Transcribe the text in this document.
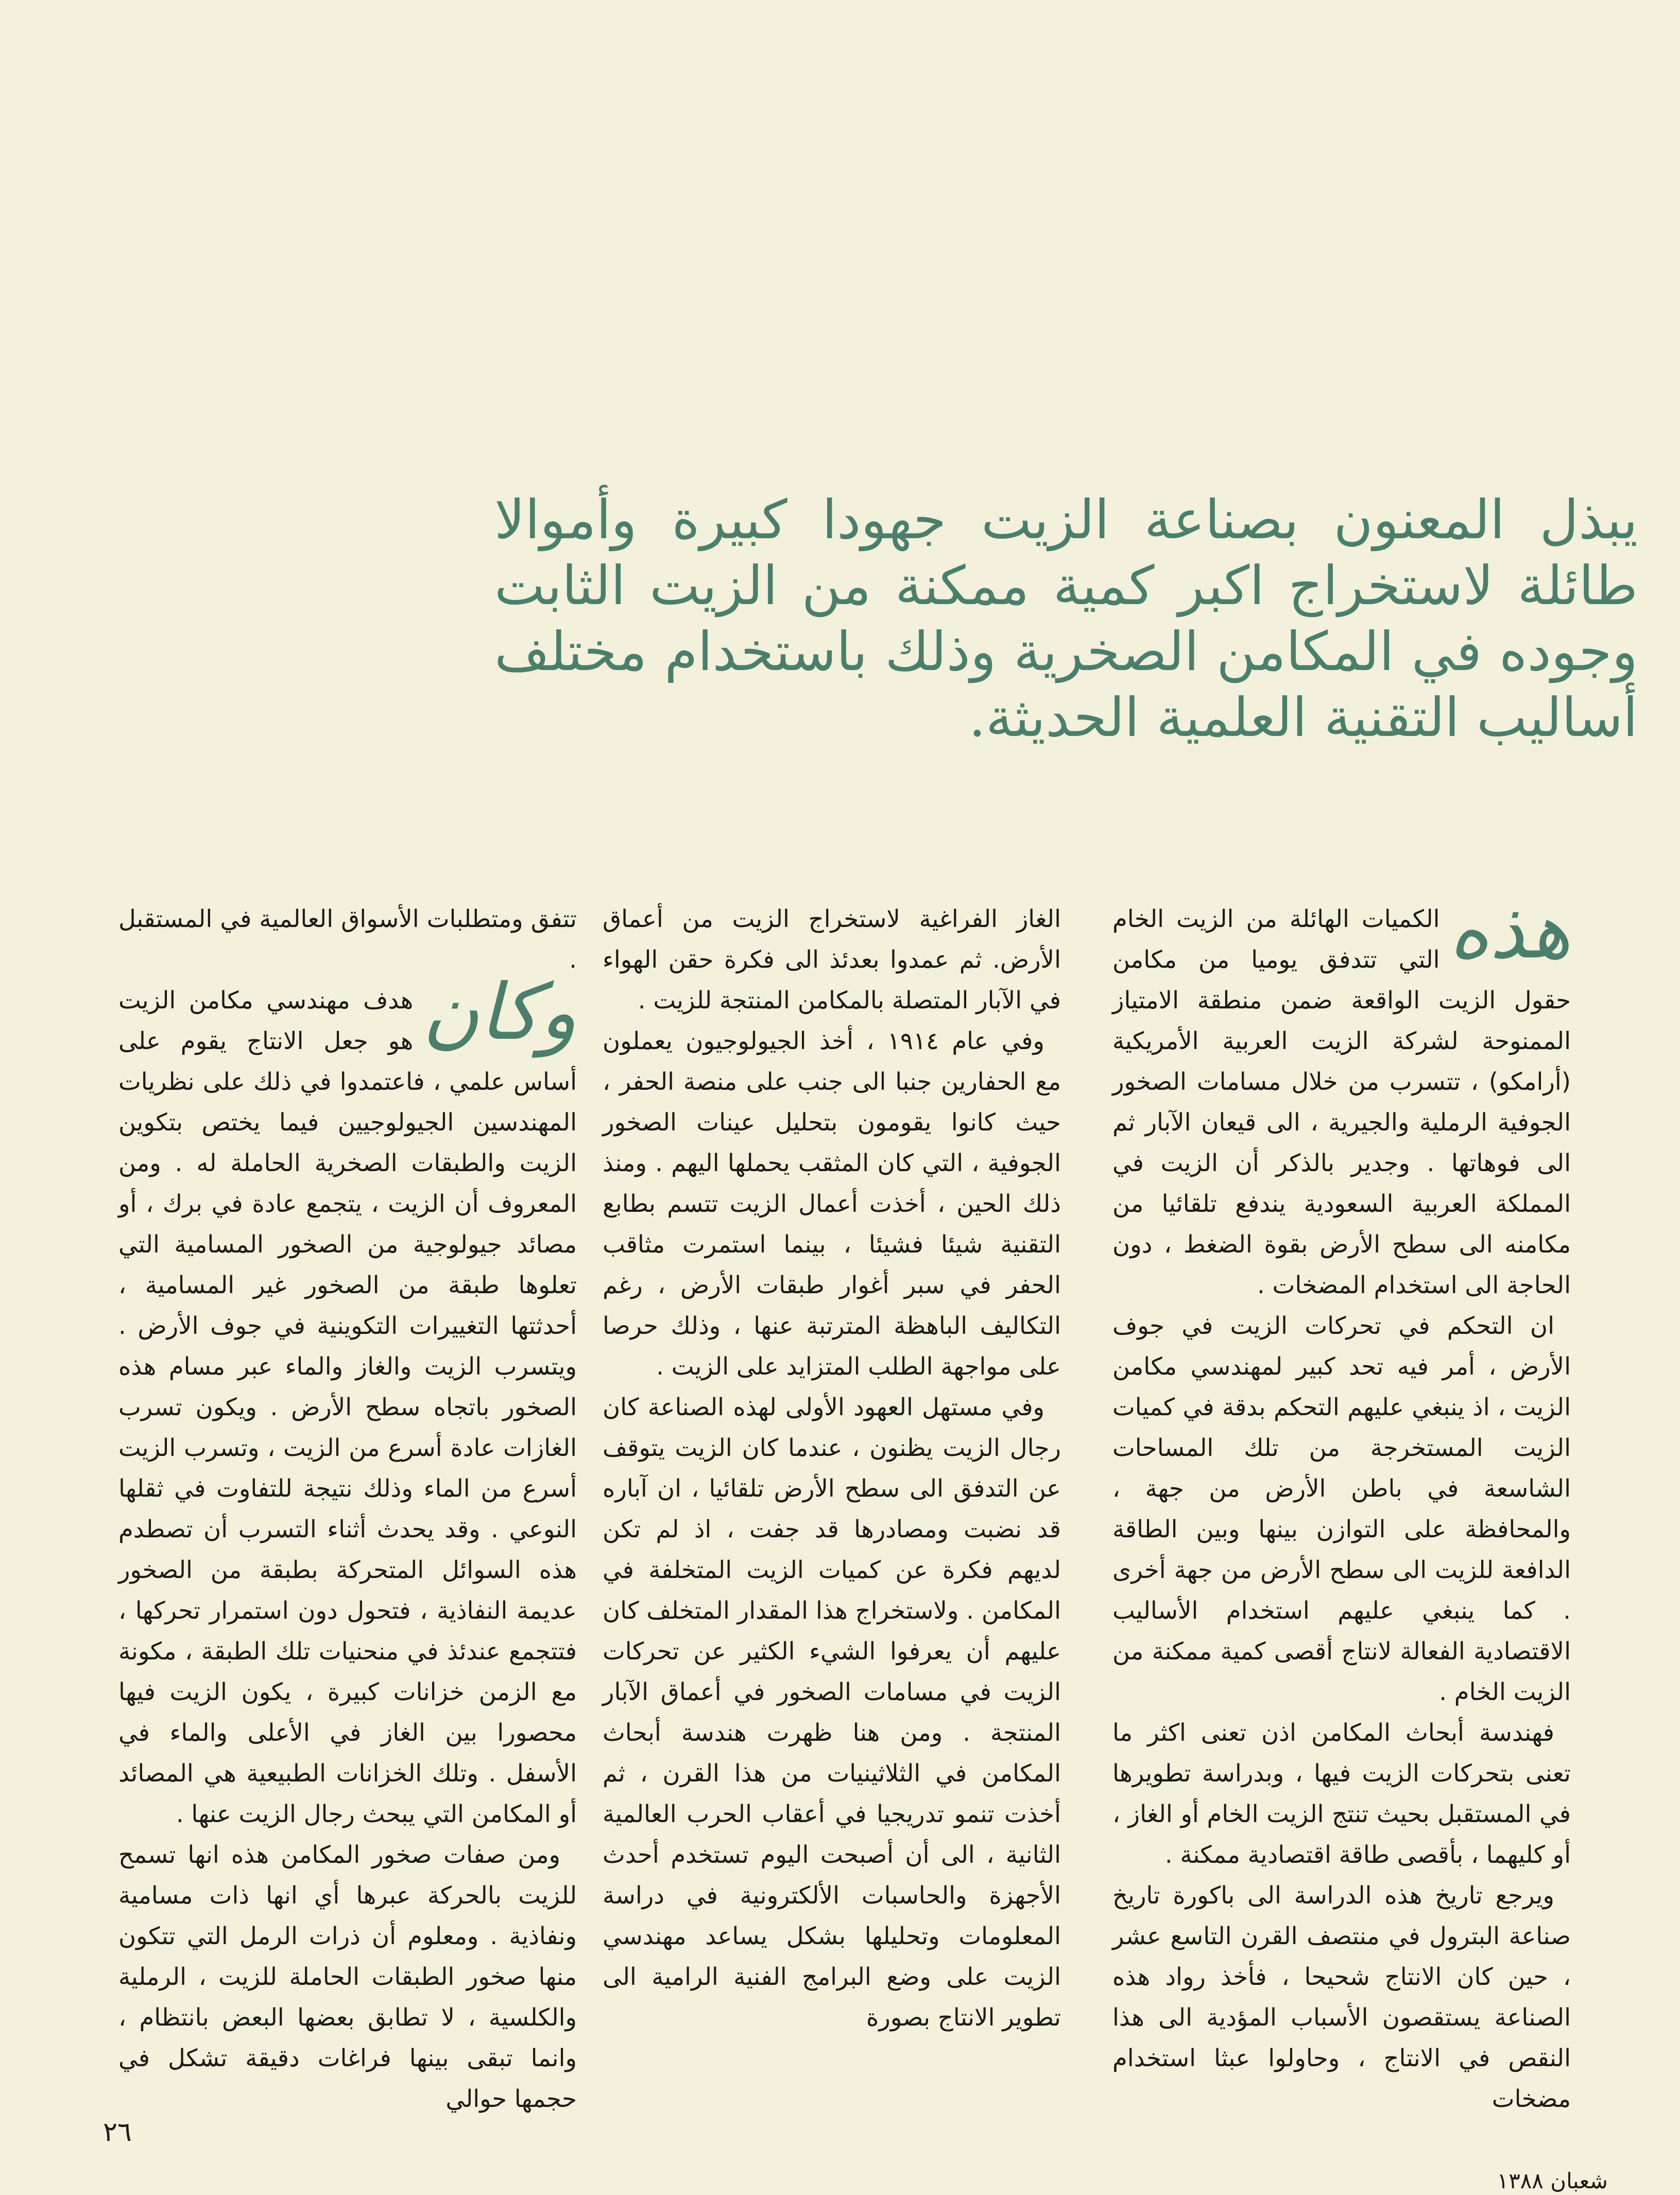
يبذل المعنون بصناعة الزيت جهودا كبيرة وأموالا طائلة لاستخراج اكبر كمية ممكنة من الزيت الثابت وجوده في المكامن الصخرية وذلك باستخدام مختلف أساليب التقنية العلمية الحديثة.
هذه

الكميات الهائلة من الزيت الخام التي تتدفق يوميا من مكامن حقول الزيت الواقعة ضمن منطقة الامتياز الممنوحة لشركة الزيت العربية الأمريكية (أرامكو) ، تتسرب من خلال مسامات الصخور الجوفية الرملية والجيرية ، الى قيعان الآبار ثم الى فوهاتها . وجدير بالذكر أن الزيت في المملكة العربية السعودية يندفع تلقائيا من مكامنه الى سطح الأرض بقوة الضغط ، دون الحاجة الى استخدام المضخات .

ان التحكم في تحركات الزيت في جوف الأرض ، أمر فيه تحد كبير لمهندسي مكامن الزيت ، اذ ينبغي عليهم التحكم بدقة في كميات الزيت المستخرجة من تلك المساحات الشاسعة في باطن الأرض من جهة ، والمحافظة على التوازن بينها وبين الطاقة الدافعة للزيت الى سطح الأرض من جهة أخرى . كما ينبغي عليهم استخدام الأساليب الاقتصادية الفعالة لانتاج أقصى كمية ممكنة من الزيت الخام .

فهندسة أبحاث المكامن اذن تعنى اكثر ما تعنى بتحركات الزيت فيها ، وبدراسة تطويرها في المستقبل بحيث تنتج الزيت الخام أو الغاز ، أو كليهما ، بأقصى طاقة اقتصادية ممكنة .

ويرجع تاريخ هذه الدراسة الى باكورة تاريخ صناعة البترول في منتصف القرن التاسع عشر ، حين كان الانتاج شحيحا ، فأخذ رواد هذه الصناعة يستقصون الأسباب المؤدية الى هذا النقص في الانتاج ، وحاولوا عبثا استخدام مضخات

الغاز الفراغية لاستخراج الزيت من أعماق الأرض. ثم عمدوا بعدئذ الى فكرة حقن الهواء في الآبار المتصلة بالمكامن المنتجة للزيت .

وفي عام ١٩١٤ ، أخذ الجيولوجيون يعملون مع الحفارين جنبا الى جنب على منصة الحفر ، حيث كانوا يقومون بتحليل عينات الصخور الجوفية ، التي كان المثقب يحملها اليهم . ومنذ ذلك الحين ، أخذت أعمال الزيت تتسم بطابع التقنية شيئا فشيئا ، بينما استمرت مثاقب الحفر في سبر أغوار طبقات الأرض ، رغم التكاليف الباهظة المترتبة عنها ، وذلك حرصا على مواجهة الطلب المتزايد على الزيت .

وفي مستهل العهود الأولى لهذه الصناعة كان رجال الزيت يظنون ، عندما كان الزيت يتوقف عن التدفق الى سطح الأرض تلقائيا ، ان آباره قد نضبت ومصادرها قد جفت ، اذ لم تكن لديهم فكرة عن كميات الزيت المتخلفة في المكامن . ولاستخراج هذا المقدار المتخلف كان عليهم أن يعرفوا الشيء الكثير عن تحركات الزيت في مسامات الصخور في أعماق الآبار المنتجة . ومن هنا ظهرت هندسة أبحاث المكامن في الثلاثينيات من هذا القرن ، ثم أخذت تنمو تدريجيا في أعقاب الحرب العالمية الثانية ، الى أن أصبحت اليوم تستخدم أحدث الأجهزة والحاسبات الألكترونية في دراسة المعلومات وتحليلها بشكل يساعد مهندسي الزيت على وضع البرامج الفنية الرامية الى تطوير الانتاج بصورة

تتفق ومتطلبات الأسواق العالمية في المستقبل .

وكان

هدف مهندسي مكامن الزيت هو جعل الانتاج يقوم على أساس علمي ، فاعتمدوا في ذلك على نظريات المهندسين الجيولوجيين فيما يختص بتكوين الزيت والطبقات الصخرية الحاملة له . ومن المعروف أن الزيت ، يتجمع عادة في برك ، أو مصائد جيولوجية من الصخور المسامية التي تعلوها طبقة من الصخور غير المسامية ، أحدثتها التغييرات التكوينية في جوف الأرض . ويتسرب الزيت والغاز والماء عبر مسام هذه الصخور باتجاه سطح الأرض . ويكون تسرب الغازات عادة أسرع من الزيت ، وتسرب الزيت أسرع من الماء وذلك نتيجة للتفاوت في ثقلها النوعي . وقد يحدث أثناء التسرب أن تصطدم هذه السوائل المتحركة بطبقة من الصخور عديمة النفاذية ، فتحول دون استمرار تحركها ، فتتجمع عندئذ في منحنيات تلك الطبقة ، مكونة مع الزمن خزانات كبيرة ، يكون الزيت فيها محصورا بين الغاز في الأعلى والماء في الأسفل . وتلك الخزانات الطبيعية هي المصائد أو المكامن التي يبحث رجال الزيت عنها .

ومن صفات صخور المكامن هذه انها تسمح للزيت بالحركة عبرها أي انها ذات مسامية ونفاذية . ومعلوم أن ذرات الرمل التي تتكون منها صخور الطبقات الحاملة للزيت ، الرملية والكلسية ، لا تطابق بعضها البعض بانتظام ، وانما تبقى بينها فراغات دقيقة تشكل في حجمها حوالي

٢٦
شعبان ١٣٨٨
